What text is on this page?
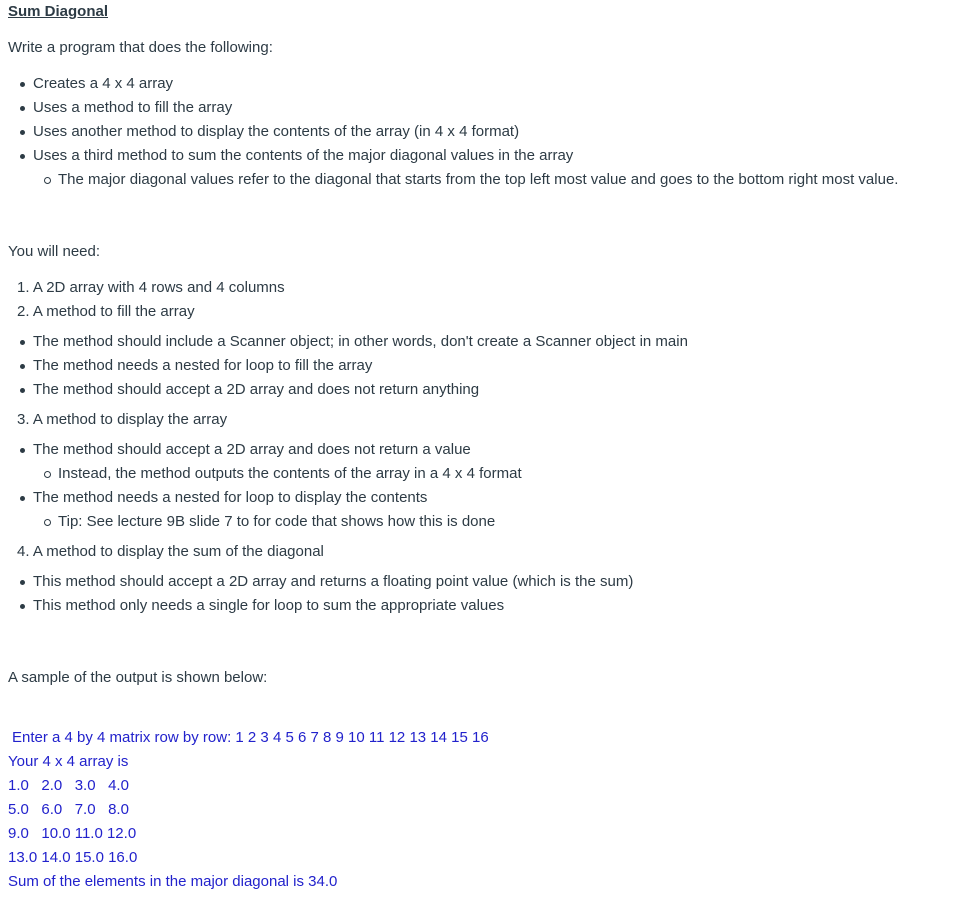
Sum Diagonal
Write a program that does the following:
Creates a 4 x 4 array
Uses a method to fill the array
Uses another method to display the contents of the array (in 4 x 4 format)
Uses a third method to sum the contents of the major diagonal values in the array
The major diagonal values refer to the diagonal that starts from the top left most value and goes to the bottom right most value.
You will need:
1. A 2D array with 4 rows and 4 columns
2. A method to fill the array
The method should include a Scanner object; in other words, don't create a Scanner object in main
The method needs a nested for loop to fill the array
The method should accept a 2D array and does not return anything
3. A method to display the array
The method should accept a 2D array and does not return a value
Instead, the method outputs the contents of the array in a 4 x 4 format
The method needs a nested for loop to display the contents
Tip: See lecture 9B slide 7 to for code that shows how this is done
4. A method to display the sum of the diagonal
This method should accept a 2D array and returns a floating point value (which is the sum)
This method only needs a single for loop to sum the appropriate values
A sample of the output is shown below:
Enter a 4 by 4 matrix row by row: 1 2 3 4 5 6 7 8 9 10 11 12 13 14 15 16
Your 4 x 4 array is
1.0   2.0   3.0   4.0
5.0   6.0   7.0   8.0
9.0   10.0 11.0 12.0
13.0 14.0 15.0 16.0
Sum of the elements in the major diagonal is 34.0
